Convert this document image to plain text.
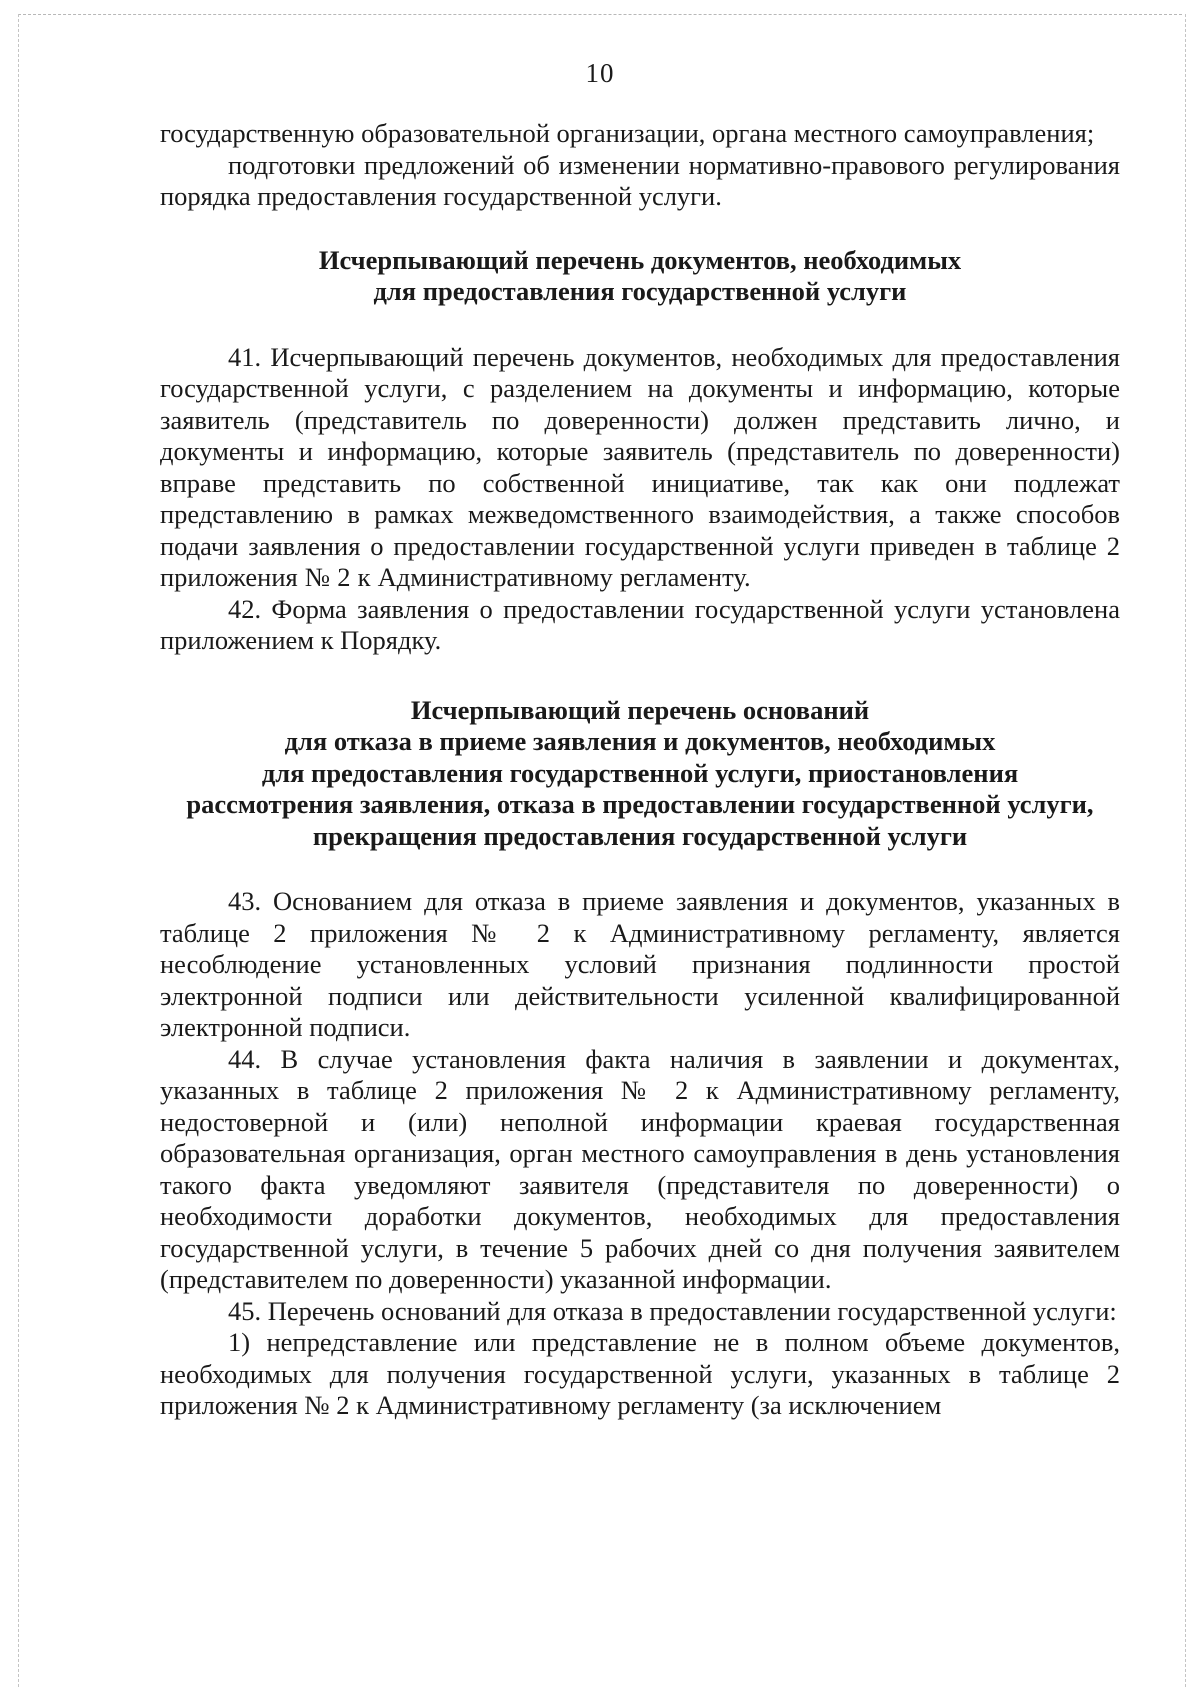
10

государственную образовательной организации, органа местного самоуправления;

подготовки предложений об изменении нормативно-правового регулирования порядка предоставления государственной услуги.

Исчерпывающий перечень документов, необходимых
для предоставления государственной услуги

41. Исчерпывающий перечень документов, необходимых для предоставления государственной услуги, с разделением на документы и информацию, которые заявитель (представитель по доверенности) должен представить лично, и документы и информацию, которые заявитель (представитель по доверенности) вправе представить по собственной инициативе, так как они подлежат представлению в рамках межведомственного взаимодействия, а также способов подачи заявления о предоставлении государственной услуги приведен в таблице 2 приложения № 2 к Административному регламенту.

42. Форма заявления о предоставлении государственной услуги установлена приложением к Порядку.

Исчерпывающий перечень оснований
для отказа в приеме заявления и документов, необходимых
для предоставления государственной услуги, приостановления
рассмотрения заявления, отказа в предоставлении государственной услуги,
прекращения предоставления государственной услуги

43. Основанием для отказа в приеме заявления и документов, указанных в таблице 2 приложения № 2 к Административному регламенту, является несоблюдение установленных условий признания подлинности простой электронной подписи или действительности усиленной квалифицированной электронной подписи.

44. В случае установления факта наличия в заявлении и документах, указанных в таблице 2 приложения № 2 к Административному регламенту, недостоверной и (или) неполной информации краевая государственная образовательная организация, орган местного самоуправления в день установления такого факта уведомляют заявителя (представителя по доверенности) о необходимости доработки документов, необходимых для предоставления государственной услуги, в течение 5 рабочих дней со дня получения заявителем (представителем по доверенности) указанной информации.

45. Перечень оснований для отказа в предоставлении государственной услуги:

1) непредставление или представление не в полном объеме документов, необходимых для получения государственной услуги, указанных в таблице 2 приложения № 2 к Административному регламенту (за исключением
